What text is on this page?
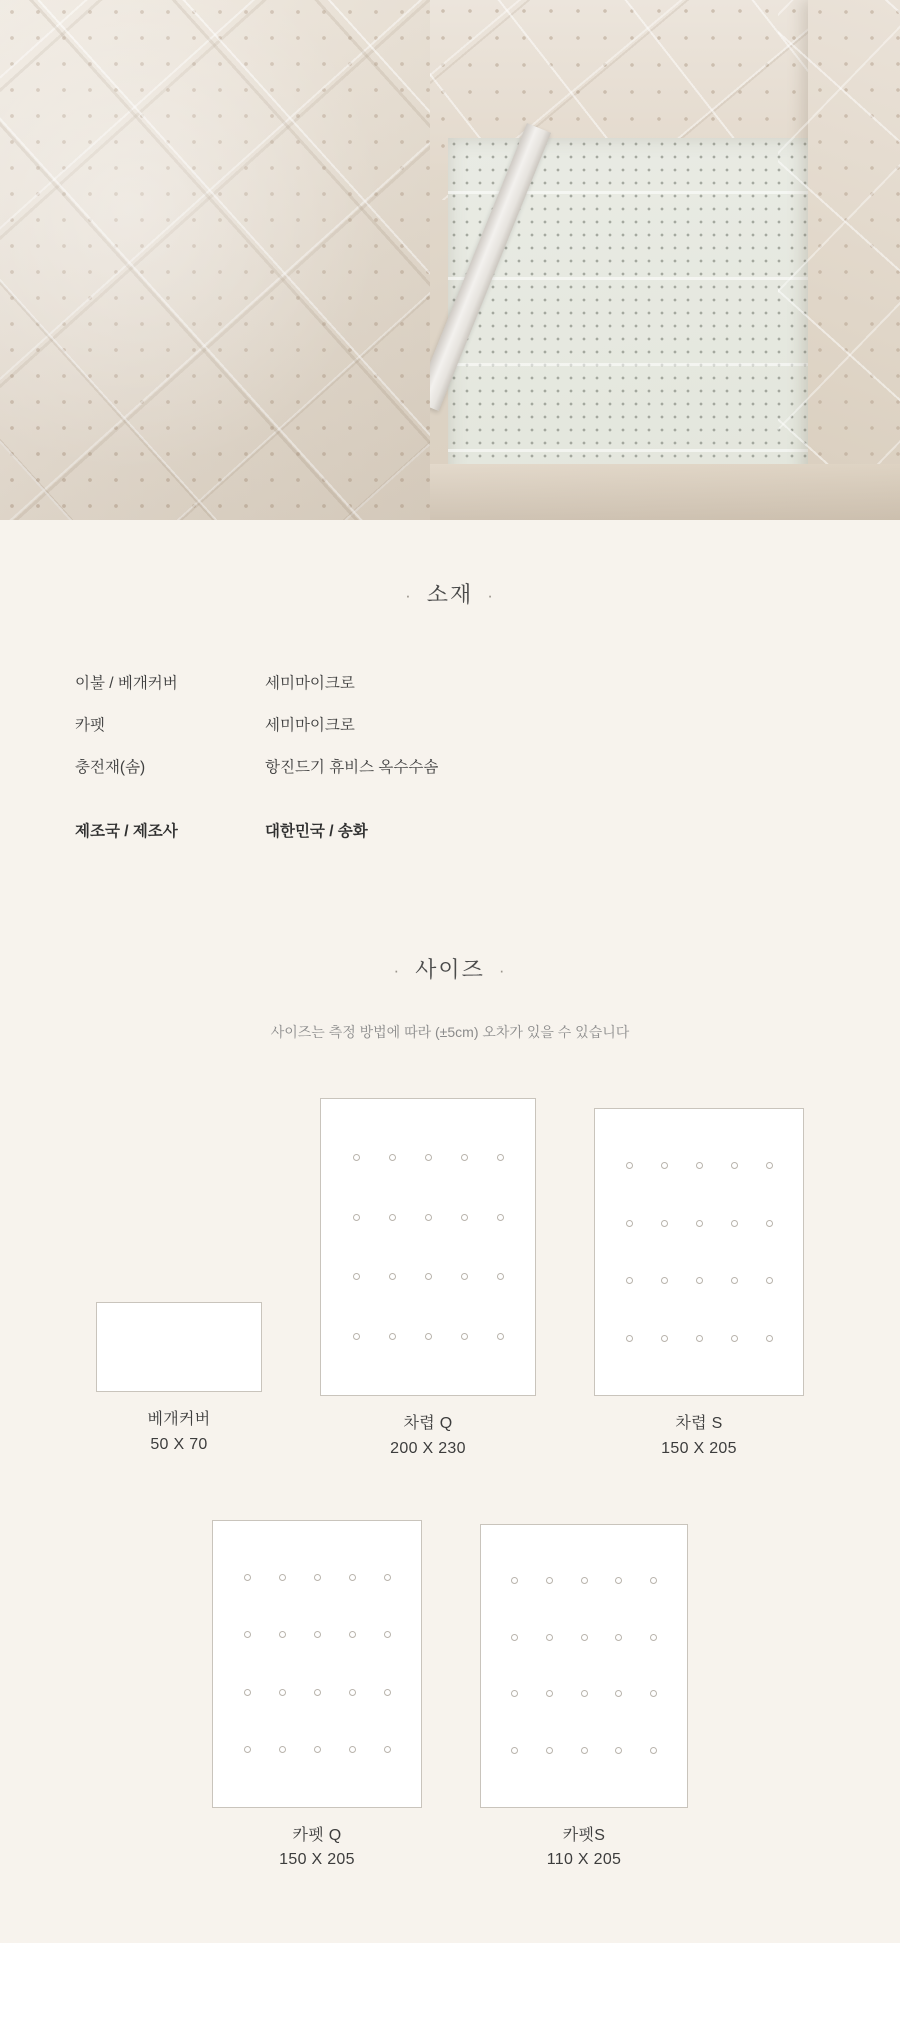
· 소재 ·
이불 / 베개커버	세미마이크로
카펫	세미마이크로
충전재(솜)	항진드기 휴비스 옥수수솜
제조국 / 제조사	대한민국 / 송화
· 사이즈 ·
사이즈는 측정 방법에 따라 (±5cm) 오차가 있을 수 있습니다
베개커버
50 X 70
차렵 Q
200 X 230
차렵 S
150 X 205
카펫 Q
150 X 205
카펫S
110 X 205
